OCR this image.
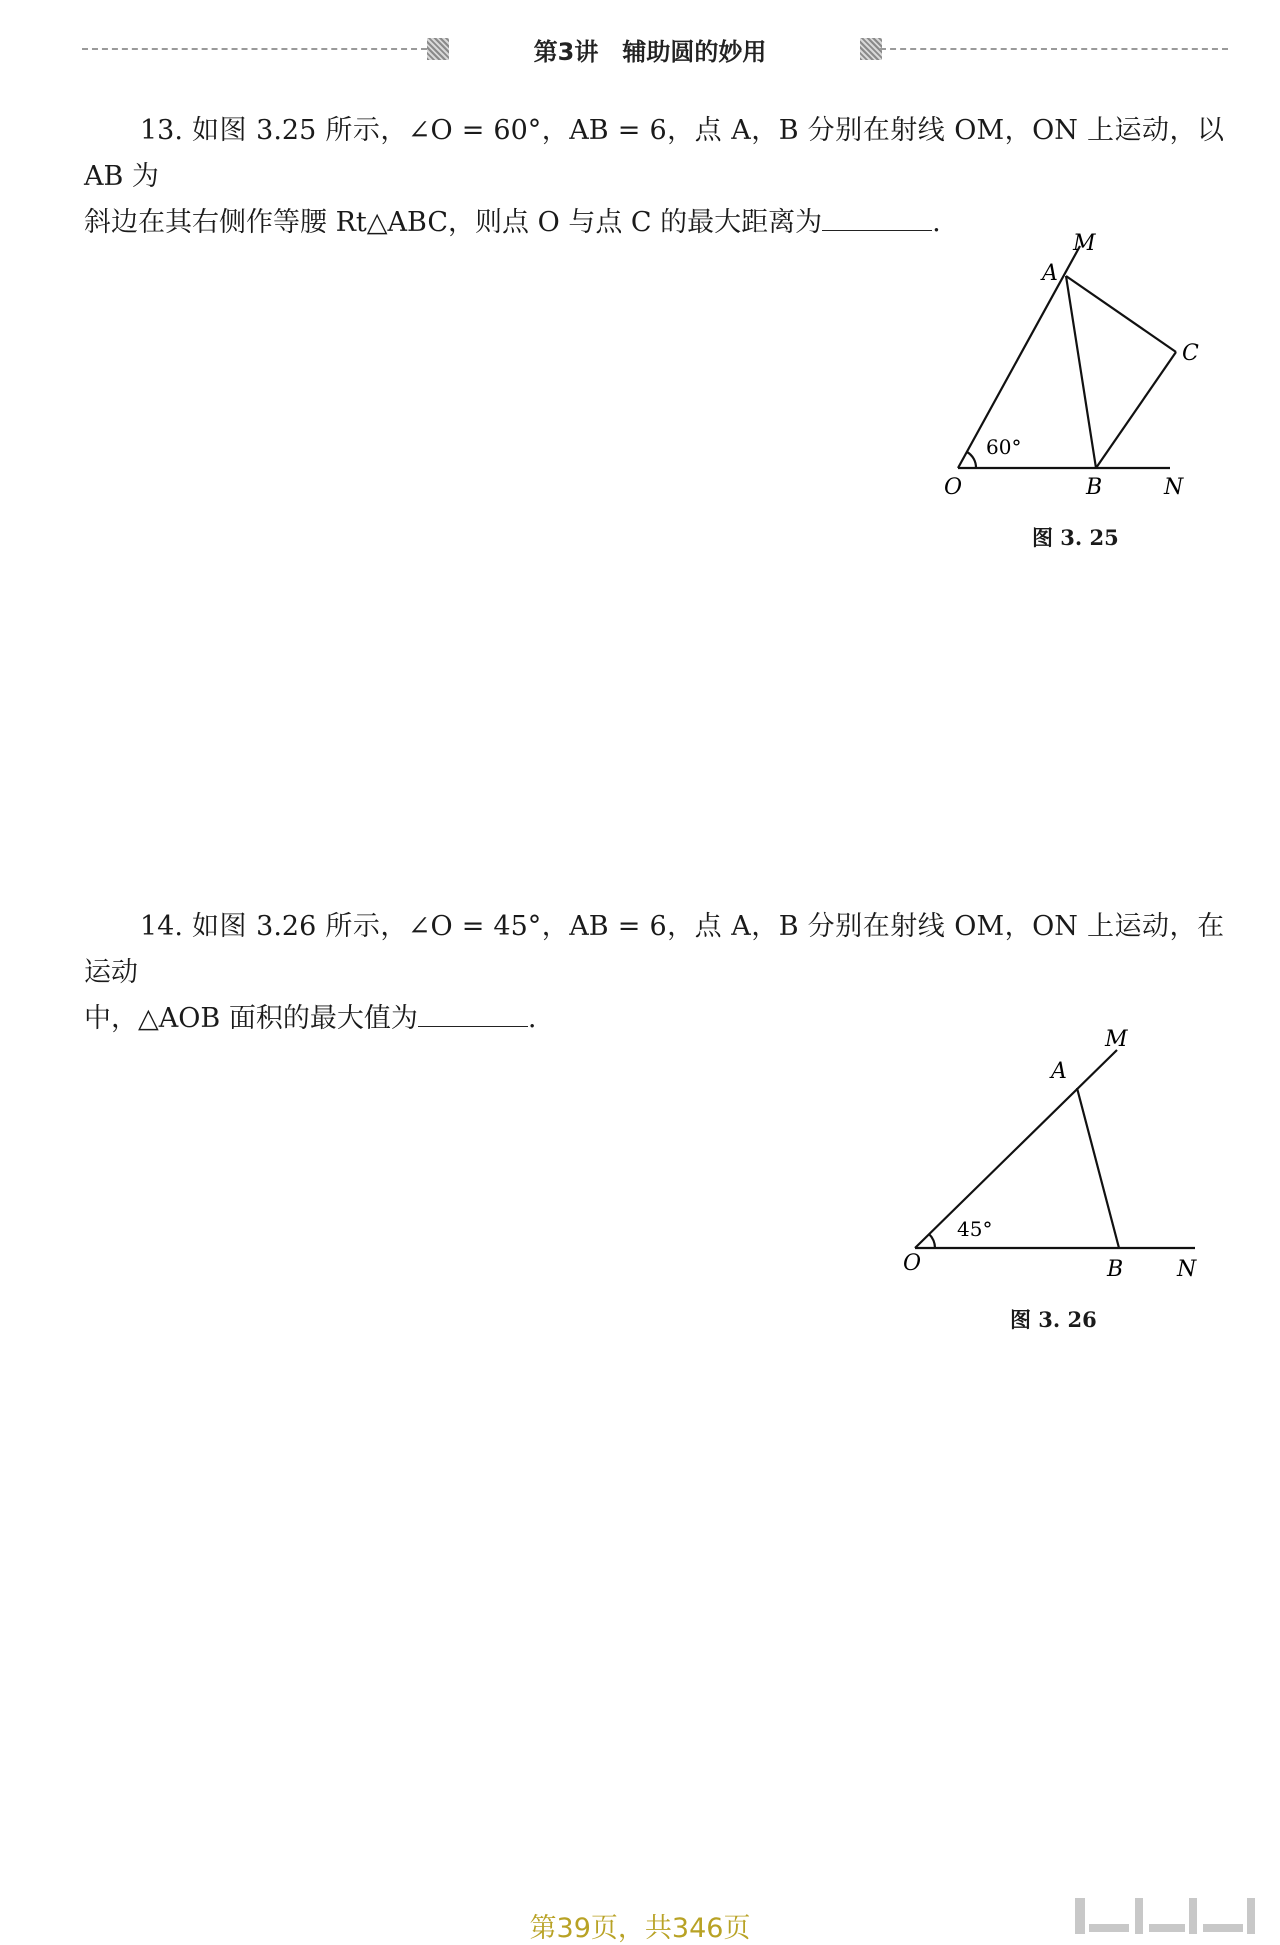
第3讲　辅助圆的妙用

13. 如图 3.25 所示，∠O = 60°，AB = 6，点 A，B 分别在射线 OM，ON 上运动，以 AB 为

斜边在其右侧作等腰 Rt△ABC，则点 O 与点 C 的最大距离为	.
M
A
C
O	B	N
60°
图 3. 25

14. 如图 3.26 所示，∠O = 45°，AB = 6，点 A，B 分别在射线 OM，ON 上运动，在运动

中，△AOB 面积的最大值为	.
M
A
O	B N
45°
图 3. 26
第39页，共346页
